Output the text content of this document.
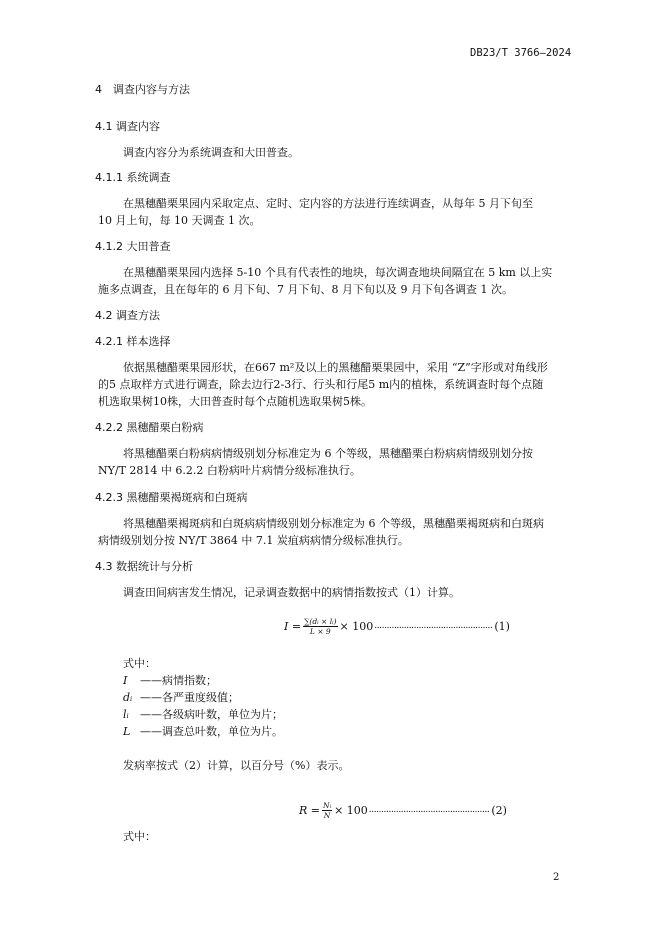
DB23/T 3766—2024
4　调查内容与方法
4.1 调查内容
调查内容分为系统调查和大田普查。
4.1.1 系统调查
在黑穗醋栗果园内采取定点、定时、定内容的方法进行连续调查，从每年 5 月下旬至
10 月上旬，每 10 天调查 1 次。
4.1.2 大田普查
在黑穗醋栗果园内选择 5-10 个具有代表性的地块，每次调查地块间隔宜在 5 km 以上实
施多点调查，且在每年的 6 月下旬、7 月下旬、8 月下旬以及 9 月下旬各调查 1 次。
4.2 调查方法
4.2.1 样本选择
依据黑穗醋栗果园形状，在667 m²及以上的黑穗醋栗果园中，采用 “Z”字形或对角线形
的5 点取样方式进行调查，除去边行2-3行、行头和行尾5 m内的植株，系统调查时每个点随
机选取果树10株，大田普查时每个点随机选取果树5株。
4.2.2 黑穗醋栗白粉病
将黑穗醋栗白粉病病情级别划分标准定为 6 个等级，黑穗醋栗白粉病病情级别划分按
NY/T 2814 中 6.2.2 白粉病叶片病情分级标准执行。
4.2.3 黑穗醋栗褐斑病和白斑病
将黑穗醋栗褐斑病和白斑病病情级别划分标准定为 6 个等级，黑穗醋栗褐斑病和白斑病
病情级别划分按 NY/T 3864 中 7.1 炭疽病病情分级标准执行。
4.3 数据统计与分析
调查田间病害发生情况，记录调查数据中的病情指数按式（1）计算。
$I = \frac{\text{∑(dᵢ × lᵢ)}}{L \times 9} \times 100$ ................................................ (1)
式中：
I ——病情指数；
dᵢ ——各严重度级值；
lᵢ ——各级病叶数，单位为片；
L ——调查总叶数，单位为片。
发病率按式（2）计算，以百分号（%）表示。
$R = \frac{\text{Nᵢ}}{N} \times 100$ ................................................. (2)
式中：
2
